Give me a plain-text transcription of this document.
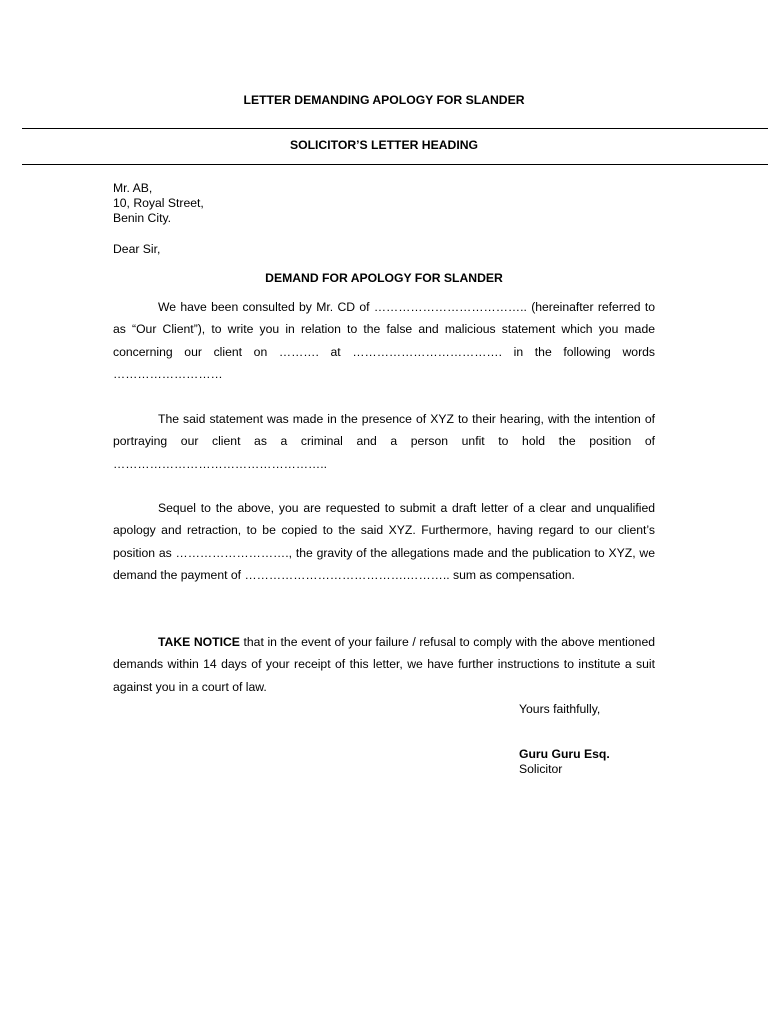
LETTER DEMANDING APOLOGY FOR SLANDER
SOLICITOR’S LETTER HEADING
Mr. AB,
10, Royal Street,
Benin City.
Dear Sir,
DEMAND FOR APOLOGY FOR SLANDER

We have been consulted by Mr. CD of ……………………………….. (hereinafter referred to as “Our Client”), to write you in relation to the false and malicious statement which you made concerning our client on ………. at ………………………………. in the following words ………………………

The said statement was made in the presence of XYZ to their hearing, with the intention of portraying our client as a criminal and a person unfit to hold the position of ……………………………………………..

Sequel to the above, you are requested to submit a draft letter of a clear and unqualified apology and retraction, to be copied to the said XYZ. Furthermore, having regard to our client’s position as ………………………., the gravity of the allegations made and the publication to XYZ, we demand the payment of ………………………………….……….. sum as compensation.

TAKE NOTICE that in the event of your failure / refusal to comply with the above mentioned demands within 14 days of your receipt of this letter, we have further instructions to institute a suit against you in a court of law.

Yours faithfully,
Guru Guru Esq.
Solicitor
